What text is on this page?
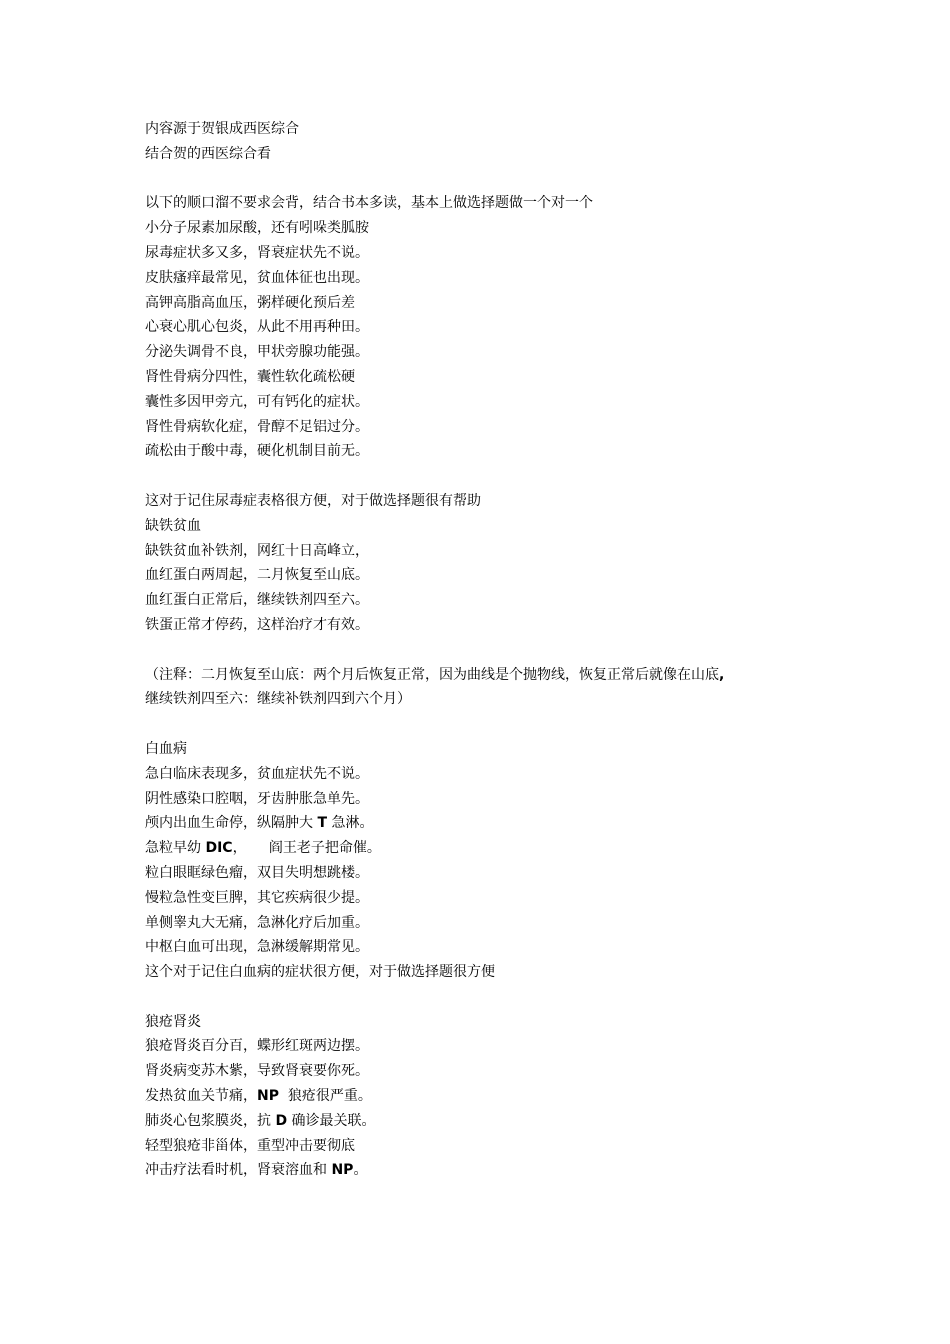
内容源于贺银成西医综合
结合贺的西医综合看
以下的顺口溜不要求会背，结合书本多读，基本上做选择题做一个对一个
小分子尿素加尿酸，还有吲哚类胍胺
尿毒症状多又多，肾衰症状先不说。
皮肤瘙痒最常见，贫血体征也出现。
高钾高脂高血压，粥样硬化预后差
心衰心肌心包炎，从此不用再种田。
分泌失调骨不良，甲状旁腺功能强。
肾性骨病分四性，囊性软化疏松硬
囊性多因甲旁亢，可有钙化的症状。
肾性骨病软化症，骨醇不足铝过分。
疏松由于酸中毒，硬化机制目前无。
这对于记住尿毒症表格很方便，对于做选择题很有帮助
缺铁贫血
缺铁贫血补铁剂，网红十日高峰立，
血红蛋白两周起，二月恢复至山底。
血红蛋白正常后，继续铁剂四至六。
铁蛋正常才停药，这样治疗才有效。
（注释：二月恢复至山底：两个月后恢复正常，因为曲线是个抛物线，恢复正常后就像在山底,
继续铁剂四至六：继续补铁剂四到六个月）
白血病
急白临床表现多，贫血症状先不说。
阴性感染口腔咽，牙齿肿胀急单先。
颅内出血生命停，纵隔肿大 T 急淋。
急粒早幼 DIC，     阎王老子把命催。
粒白眼眶绿色瘤，双目失明想跳楼。
慢粒急性变巨脾，其它疾病很少提。
单侧睾丸大无痛，急淋化疗后加重。
中枢白血可出现，急淋缓解期常见。
这个对于记住白血病的症状很方便，对于做选择题很方便
狼疮肾炎
狼疮肾炎百分百，蝶形红斑两边摆。
肾炎病变苏木紫，导致肾衰要你死。
发热贫血关节痛，NP  狼疮很严重。
肺炎心包浆膜炎，抗 D 确诊最关联。
轻型狼疮非甾体，重型冲击要彻底
冲击疗法看时机，肾衰溶血和 NP。
